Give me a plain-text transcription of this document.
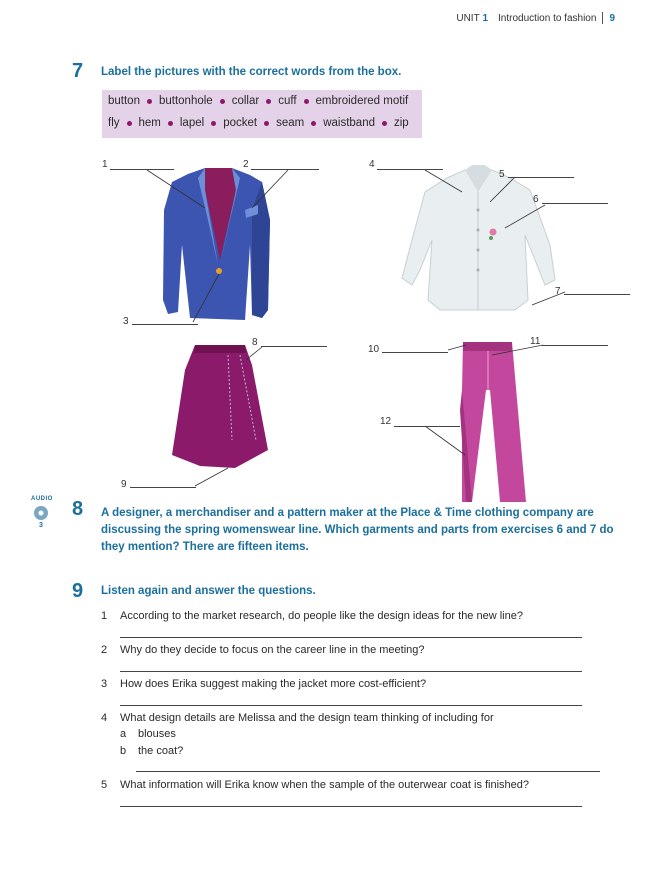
UNIT
1 Introduction to fashion 9
7 Label the pictures with the correct words from the box.
button buttonhole collar cuff embroidered motif
fly hem lapel pocket seam waistband zip
1	2
3
4
5
6
7
8
9
10
11
12
AUDIO
3
8 A designer, a merchandiser and a pattern maker at the Place & Time clothing company are
discussing the spring womenswear line. Which garments and parts from exercises 6 and 7 do
they mention? There are fifteen items.
9 Listen again and answer the questions.
1 According to the market research, do people like the design ideas for the new line?
2 Why do they decide to focus on the career line in the meeting?
3 How does Erika suggest making the jacket more cost-efficient?
4 What design details are Melissa and the design team thinking of including for
a blouses
b the coat?
5 What information will Erika know when the sample of the outerwear coat is finished?
